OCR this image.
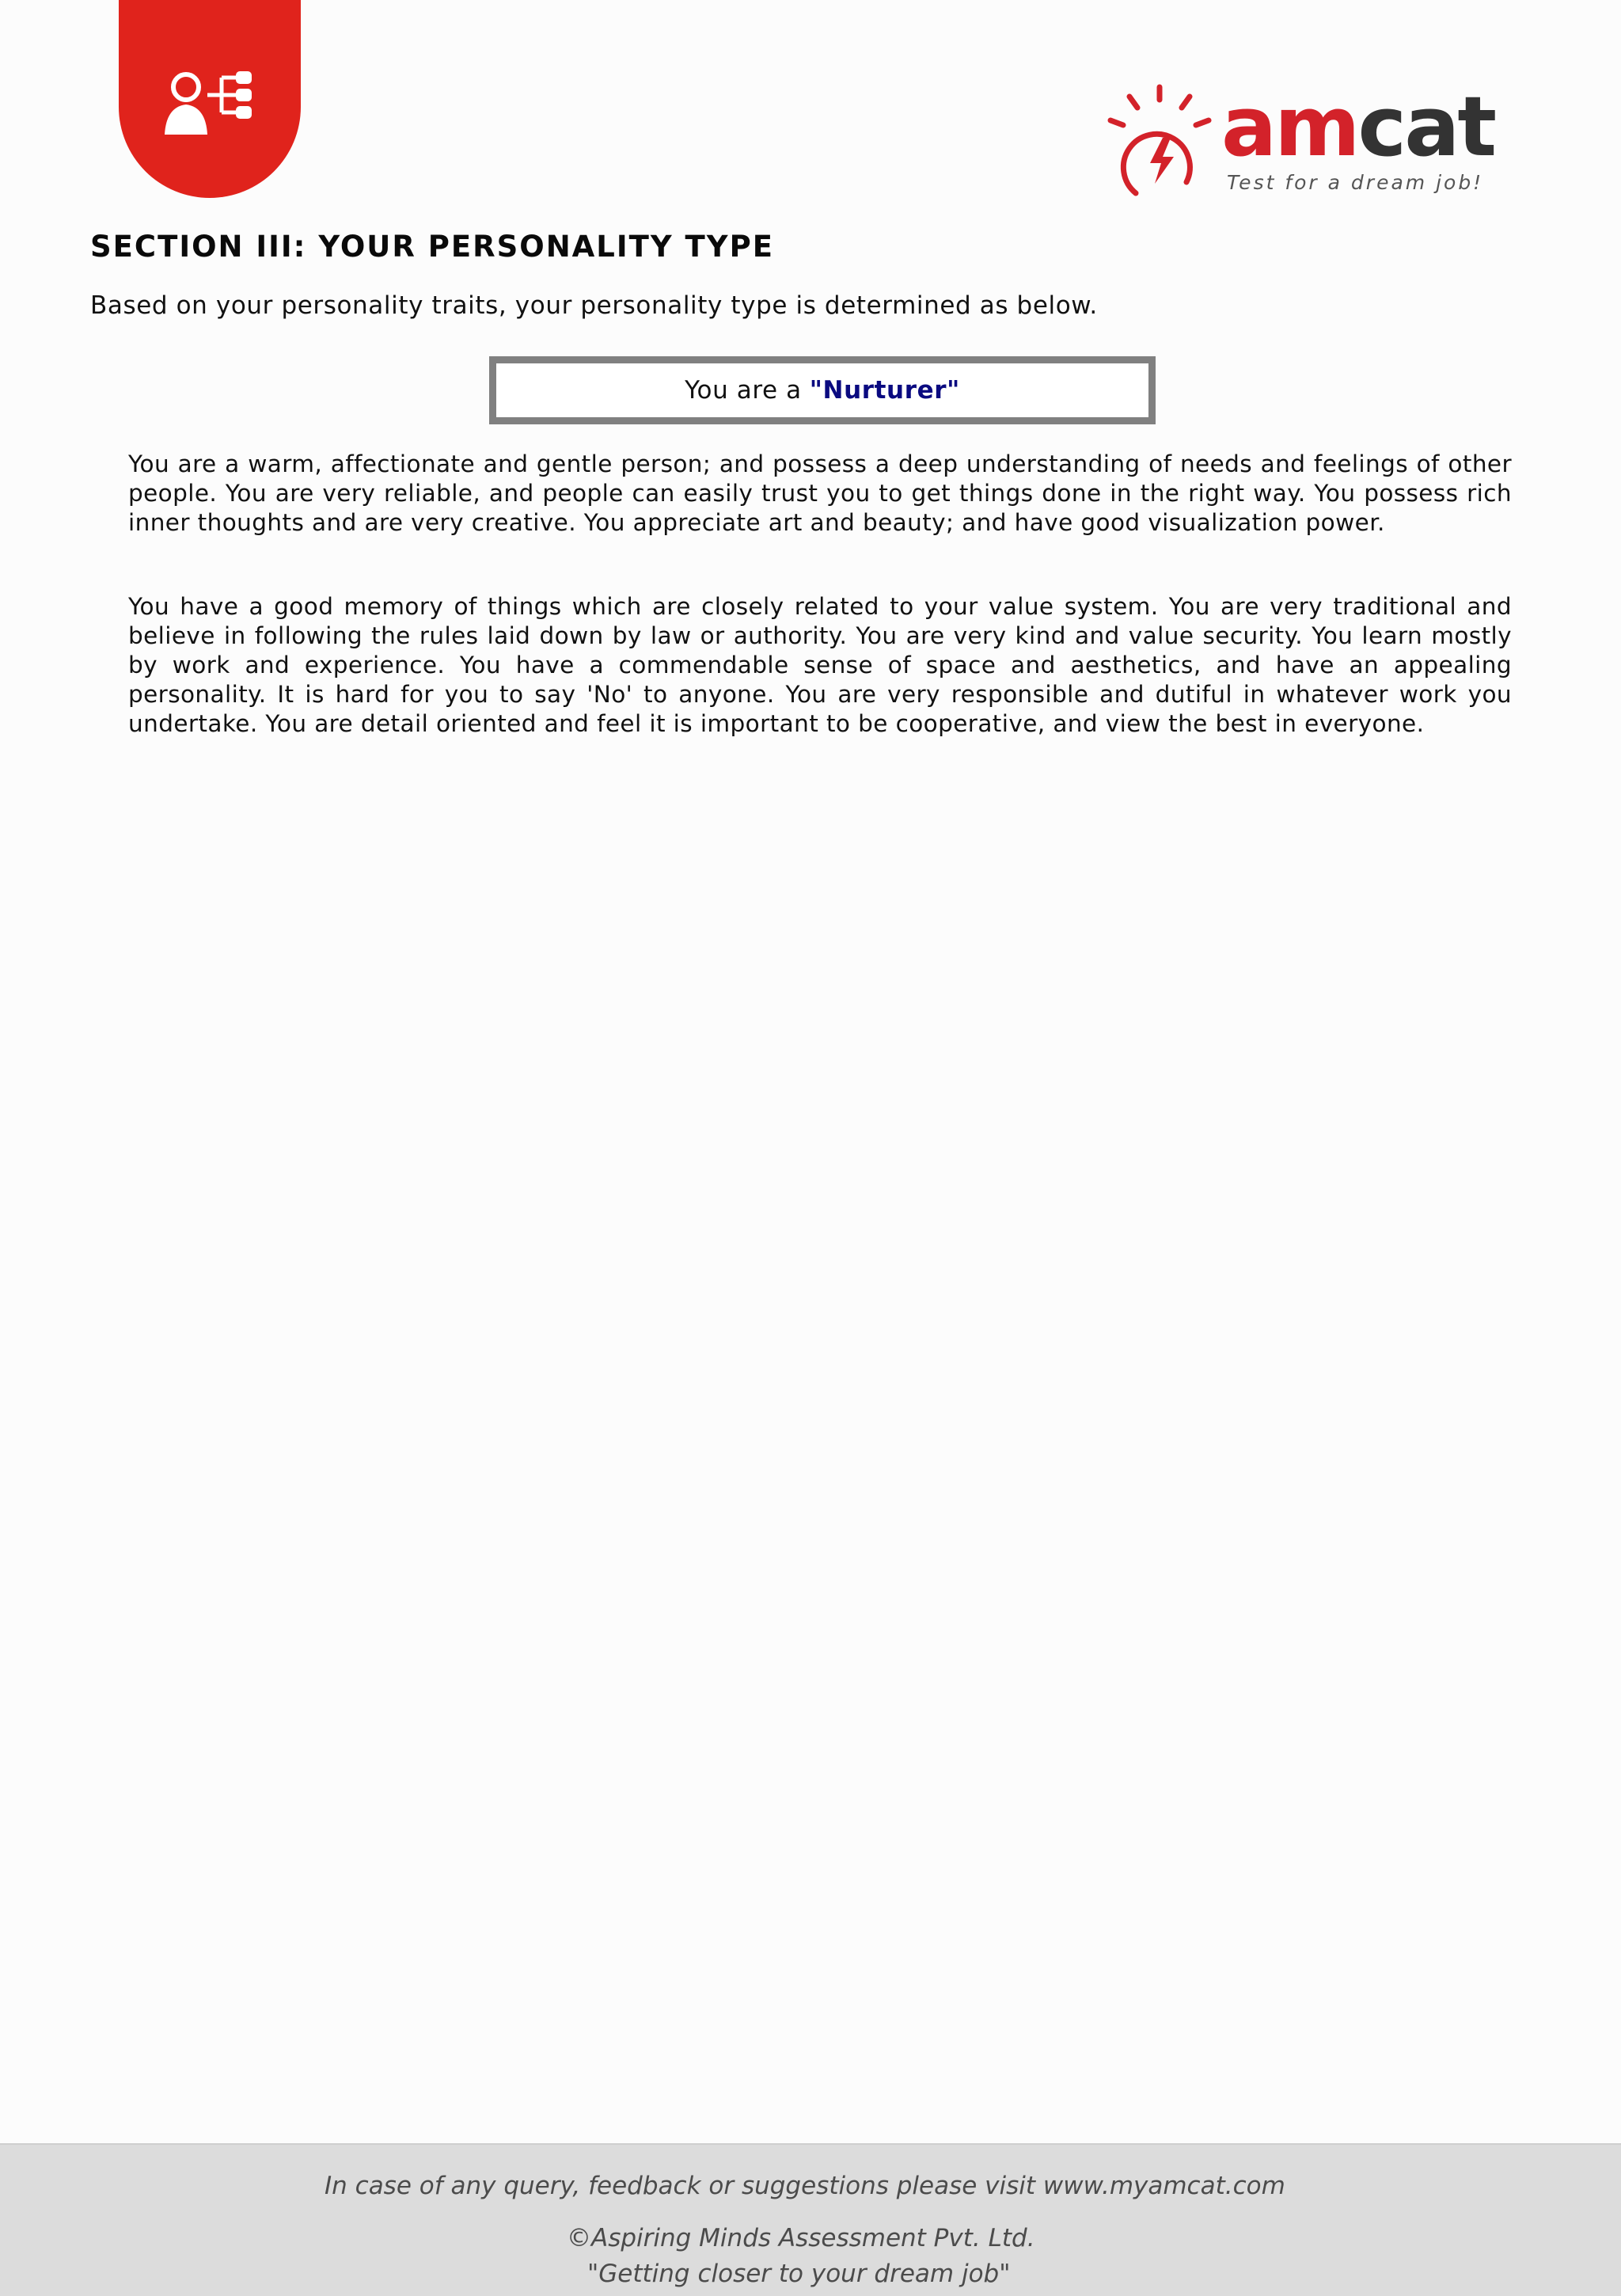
amcat
Test for a dream job!
SECTION III: YOUR PERSONALITY TYPE

Based on your personality traits, your personality type is determined as below.

You are a "Nurturer"

You are a warm, affectionate and gentle person; and possess a deep understanding of needs and feelings of other people. You are very reliable, and people can easily trust you to get things done in the right way. You possess rich inner thoughts and are very creative. You appreciate art and beauty; and have good visualization power.

You have a good memory of things which are closely related to your value system. You are very traditional and believe in following the rules laid down by law or authority. You are very kind and value security. You learn mostly by work and experience. You have a commendable sense of space and aesthetics, and have an appealing personality. It is hard for you to say 'No' to anyone. You are very responsible and dutiful in whatever work you undertake. You are detail oriented and feel it is important to be cooperative, and view the best in everyone.

In case of any query, feedback or suggestions please visit www.myamcat.com
©Aspiring Minds Assessment Pvt. Ltd.
"Getting closer to your dream job"
